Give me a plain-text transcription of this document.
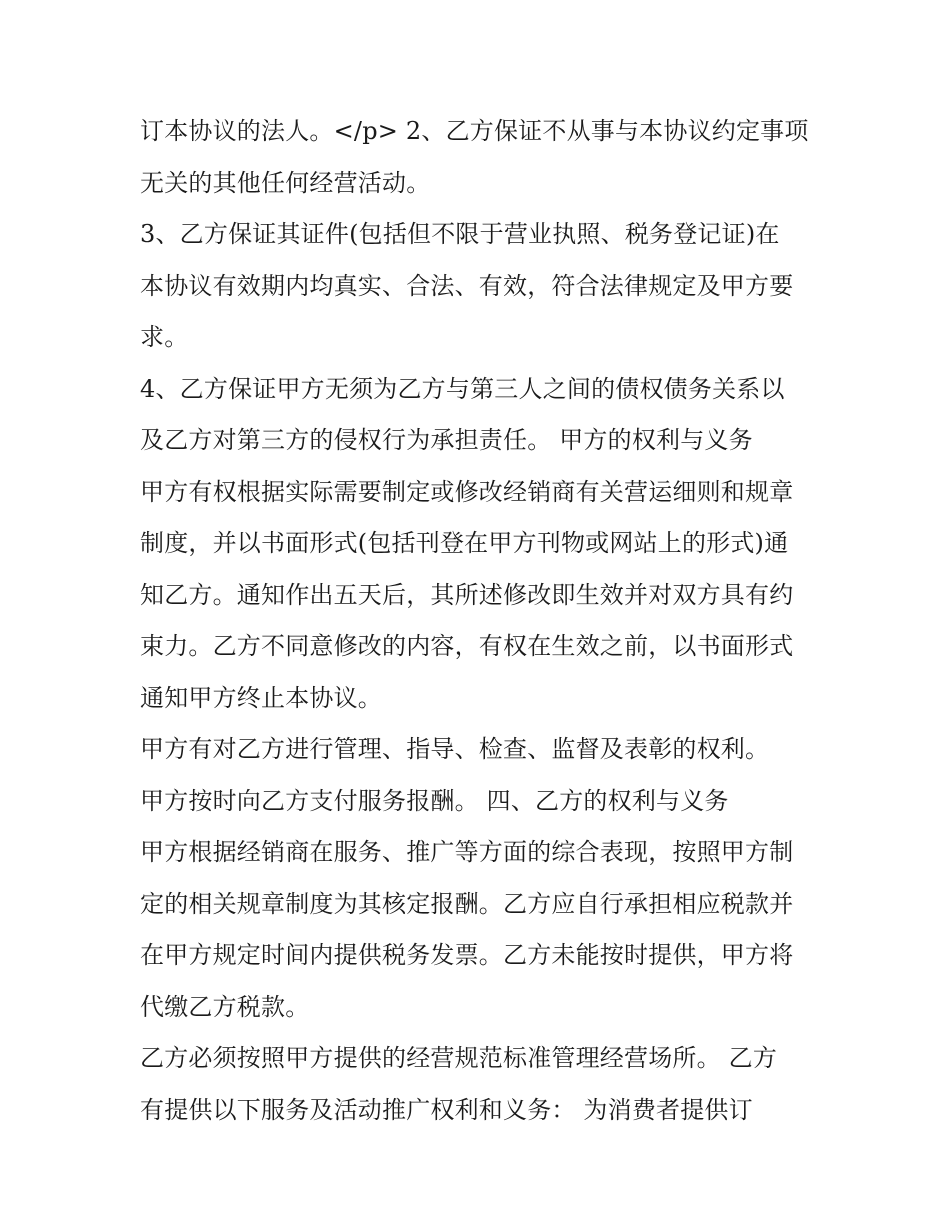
订本协议的法人。</p> 2、乙方保证不从事与本协议约定事项
无关的其他任何经营活动。
3、乙方保证其证件(包括但不限于营业执照、税务登记证)在
本协议有效期内均真实、合法、有效，符合法律规定及甲方要
求。
4、乙方保证甲方无须为乙方与第三人之间的债权债务关系以
及乙方对第三方的侵权行为承担责任。 甲方的权利与义务
甲方有权根据实际需要制定或修改经销商有关营运细则和规章
制度，并以书面形式(包括刊登在甲方刊物或网站上的形式)通
知乙方。通知作出五天后，其所述修改即生效并对双方具有约
束力。乙方不同意修改的内容，有权在生效之前，以书面形式
通知甲方终止本协议。
甲方有对乙方进行管理、指导、检查、监督及表彰的权利。
甲方按时向乙方支付服务报酬。 四、乙方的权利与义务
甲方根据经销商在服务、推广等方面的综合表现，按照甲方制
定的相关规章制度为其核定报酬。乙方应自行承担相应税款并
在甲方规定时间内提供税务发票。乙方未能按时提供，甲方将
代缴乙方税款。
乙方必须按照甲方提供的经营规范标准管理经营场所。 乙方
有提供以下服务及活动推广权利和义务： 为消费者提供订
